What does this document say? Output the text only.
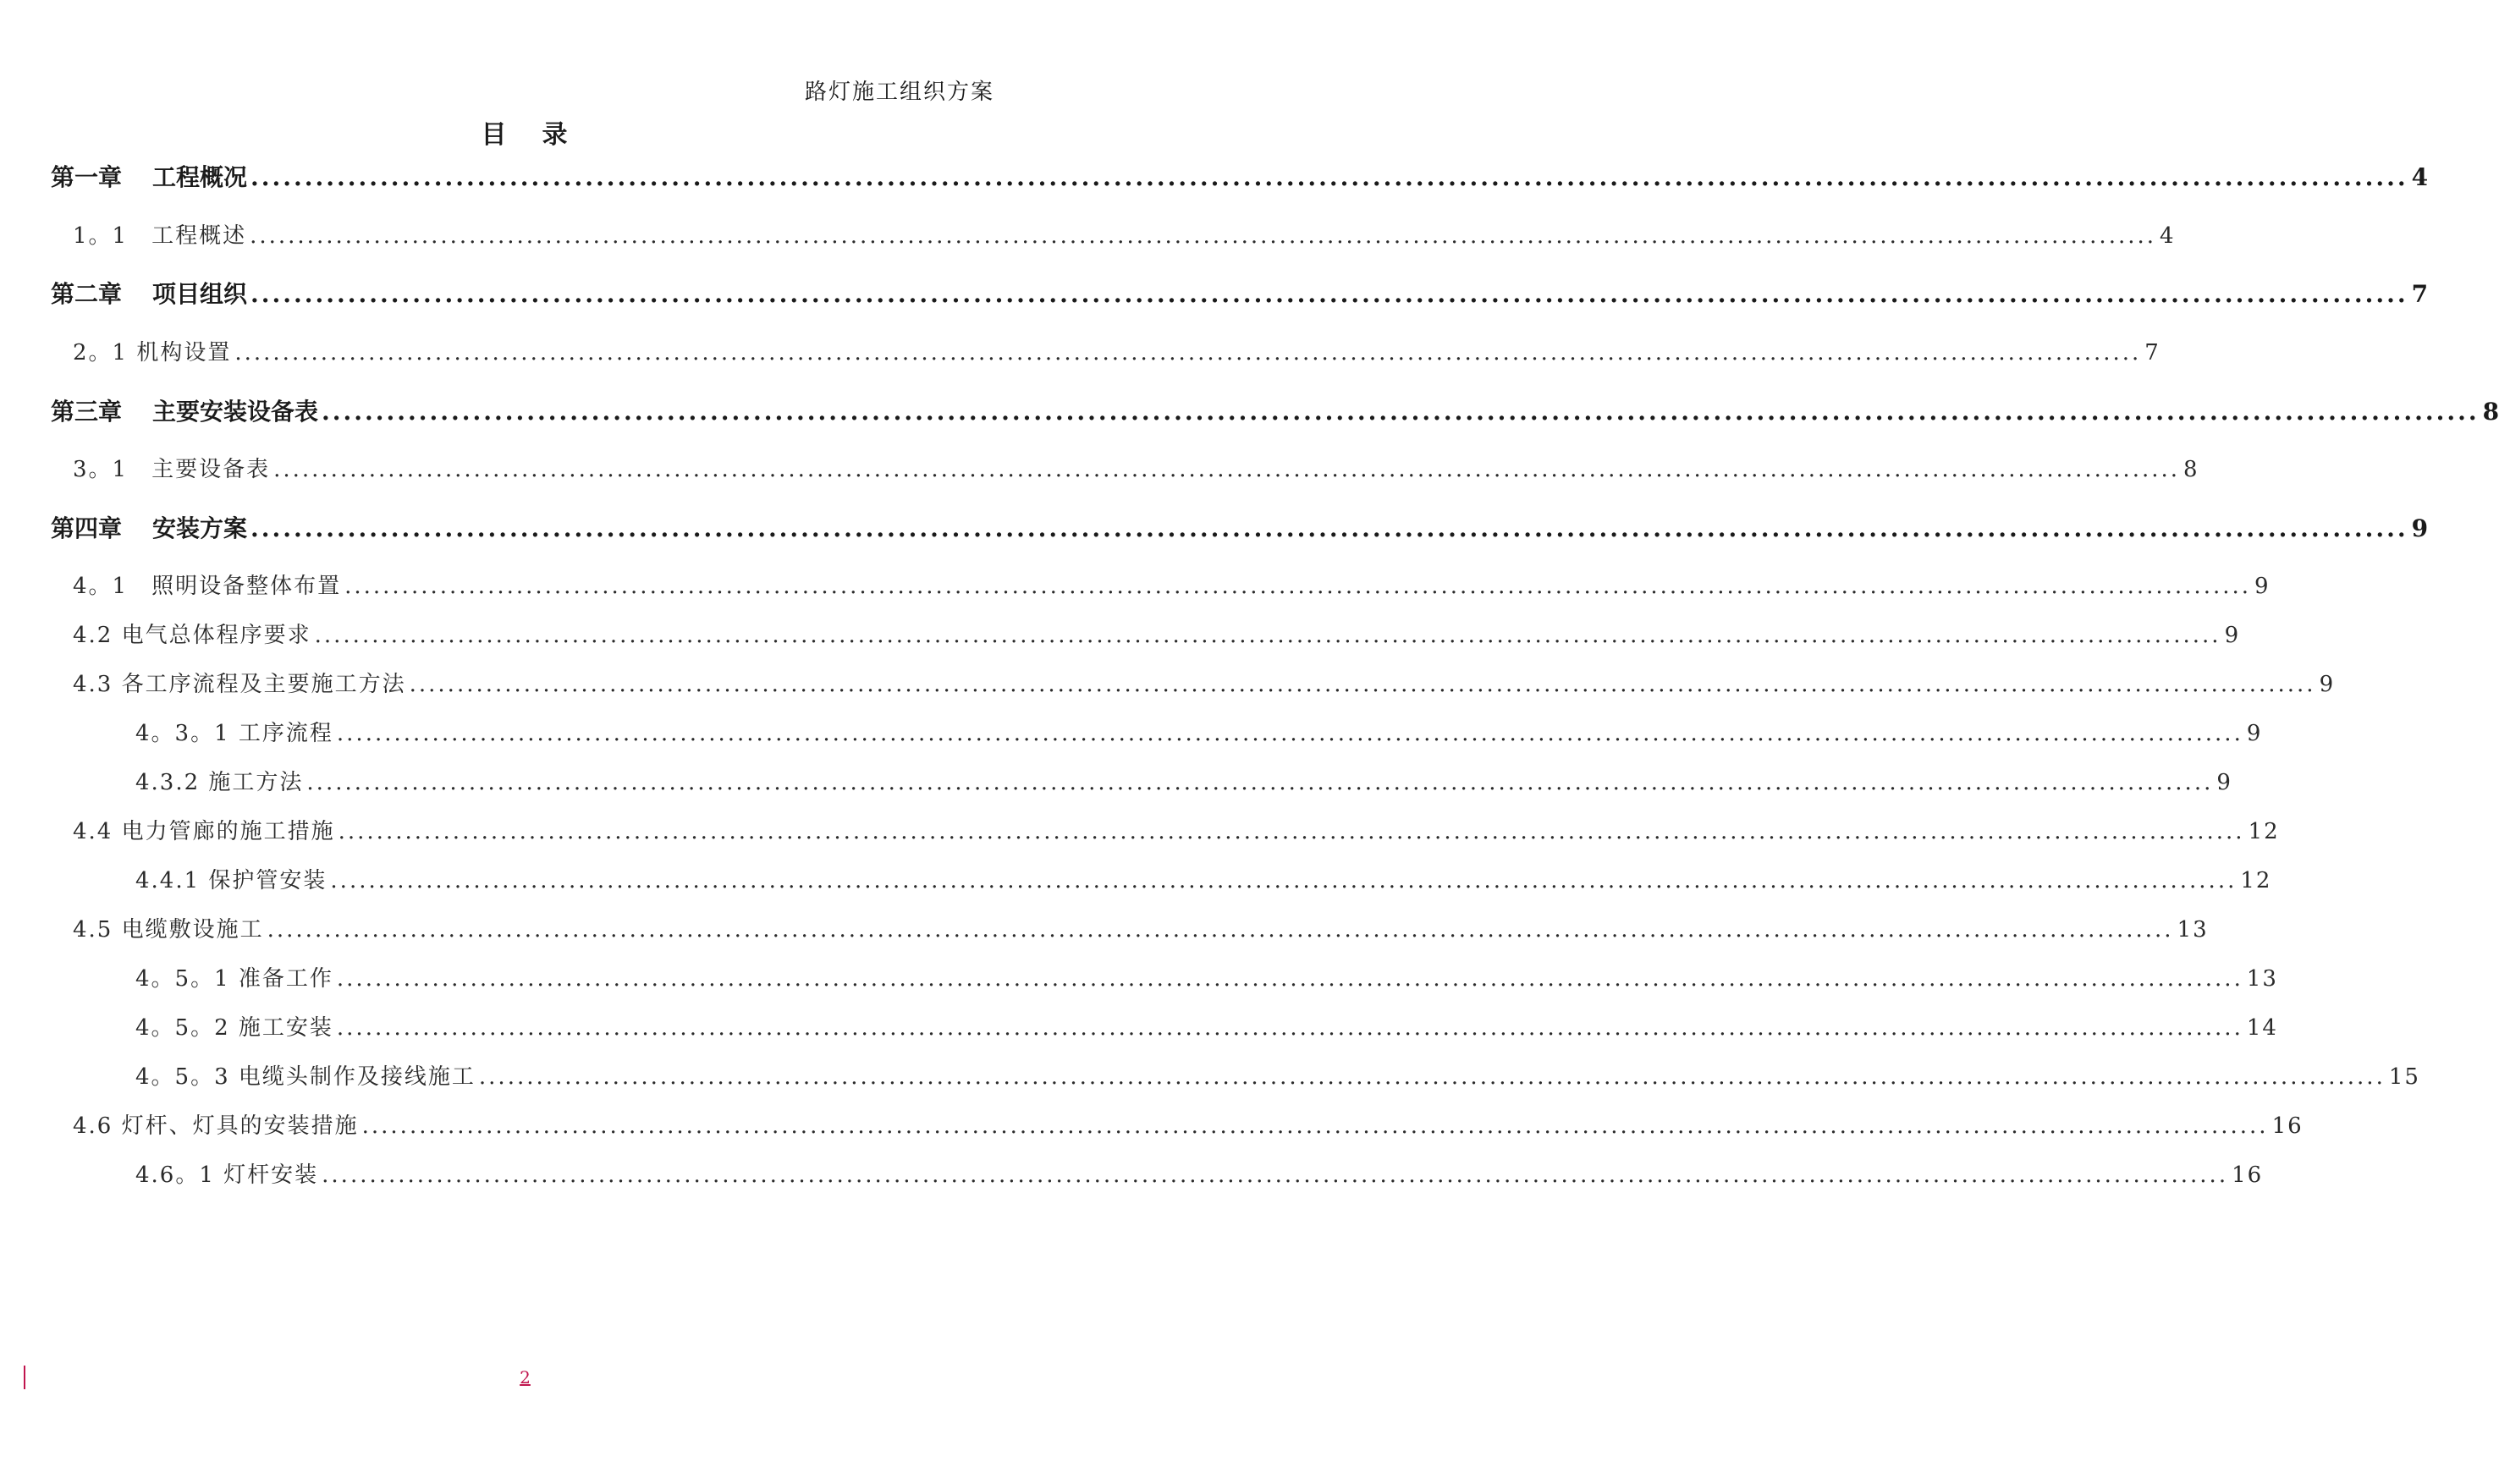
路灯施工组织方案
目 录
第一章 工程概况 ........................................................................................................................................................................................................ 4
1。1　工程概述 ........................................................................................................................................................................................................ 4
第二章 项目组织 ........................................................................................................................................................................................................ 7
2。1 机构设置 ........................................................................................................................................................................................................ 7
第三章 主要安装设备表 ........................................................................................................................................................................................................ 8
3。1　主要设备表 ........................................................................................................................................................................................................ 8
第四章 安装方案 ........................................................................................................................................................................................................ 9
4。1　照明设备整体布置 ........................................................................................................................................................................................................ 9
4.2 电气总体程序要求 ........................................................................................................................................................................................................ 9
4.3 各工序流程及主要施工方法 ........................................................................................................................................................................................................ 9
4。3。1 工序流程 ........................................................................................................................................................................................................ 9
4.3.2 施工方法 ........................................................................................................................................................................................................ 9
4.4 电力管廊的施工措施 ........................................................................................................................................................................................................ 12
4.4.1 保护管安装 ........................................................................................................................................................................................................ 12
4.5 电缆敷设施工 ........................................................................................................................................................................................................ 13
4。5。1 准备工作 ........................................................................................................................................................................................................ 13
4。5。2 施工安装 ........................................................................................................................................................................................................ 14
4。5。3 电缆头制作及接线施工 ........................................................................................................................................................................................................ 15
4.6 灯杆、灯具的安装措施 ........................................................................................................................................................................................................ 16
4.6。1 灯杆安装 ........................................................................................................................................................................................................ 16
2
